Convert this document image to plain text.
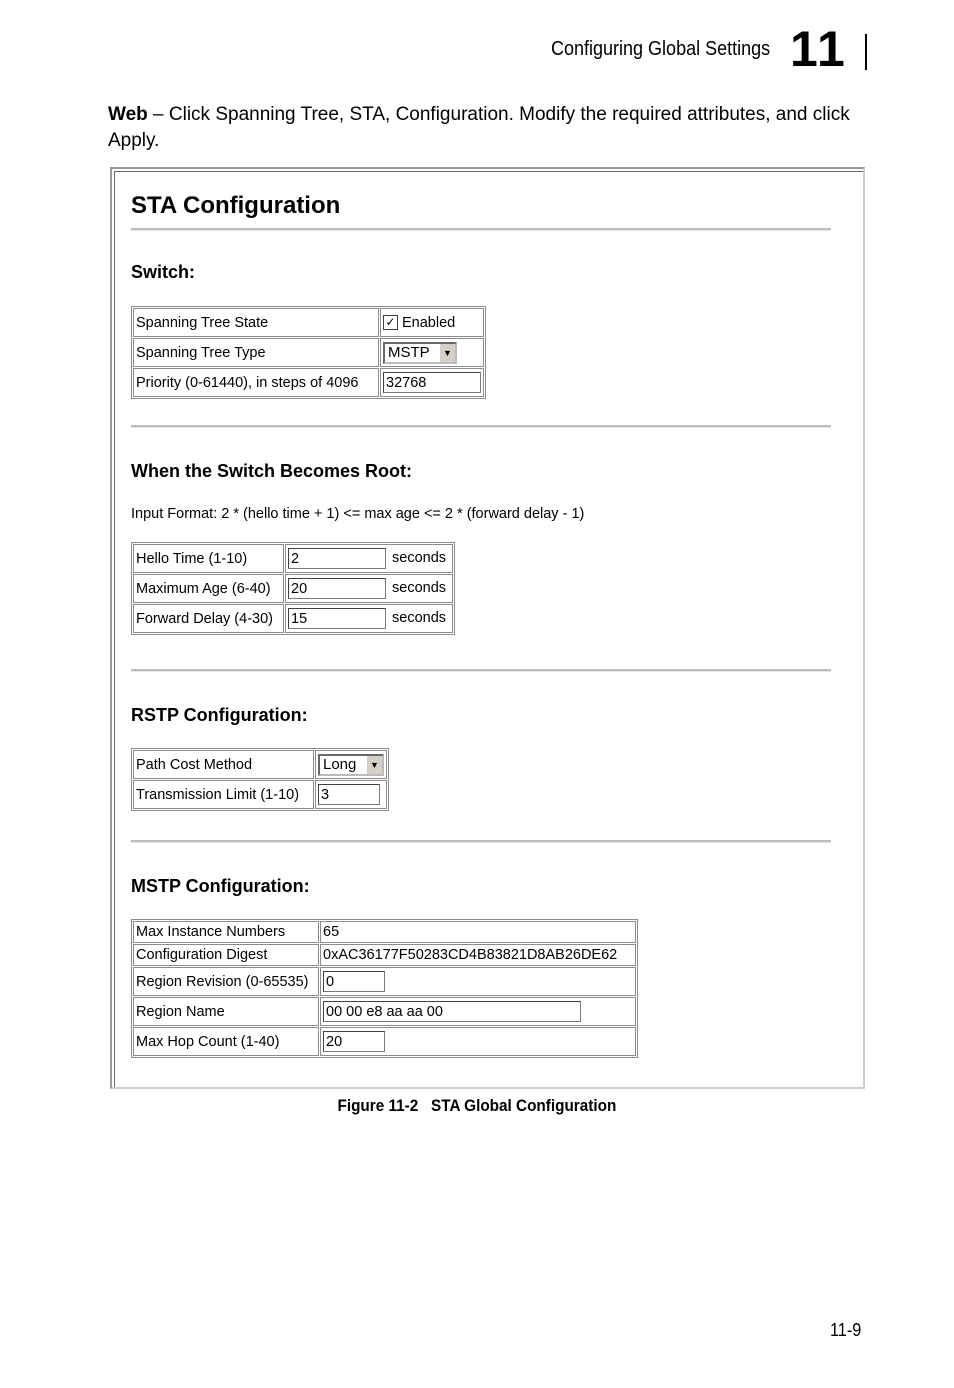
Configuring Global Settings 11
Web – Click Spanning Tree, STA, Configuration. Modify the required attributes, and click Apply.
STA Configuration
Switch:
Spanning Tree State	✓ Enabled
Spanning Tree Type	MSTP ▼

Priority (0-61440), in steps of 4096	32768
When the Switch Becomes Root:
Input Format: 2 * (hello time + 1) <= max age <= 2 * (forward delay - 1)
Hello Time (1-10)	2 seconds
Maximum Age (6-40)	20 seconds
Forward Delay (4-30)	15 seconds
RSTP Configuration:
Path Cost Method	Long ▼

Transmission Limit (1-10)	3
MSTP Configuration:
Max Instance Numbers	65
Configuration Digest	0xAC36177F50283CD4B83821D8AB26DE62
Region Revision (0-65535)	0
Region Name	00 00 e8 aa aa 00
Max Hop Count (1-40)	20
Figure 11-2   STA Global Configuration
11-9
